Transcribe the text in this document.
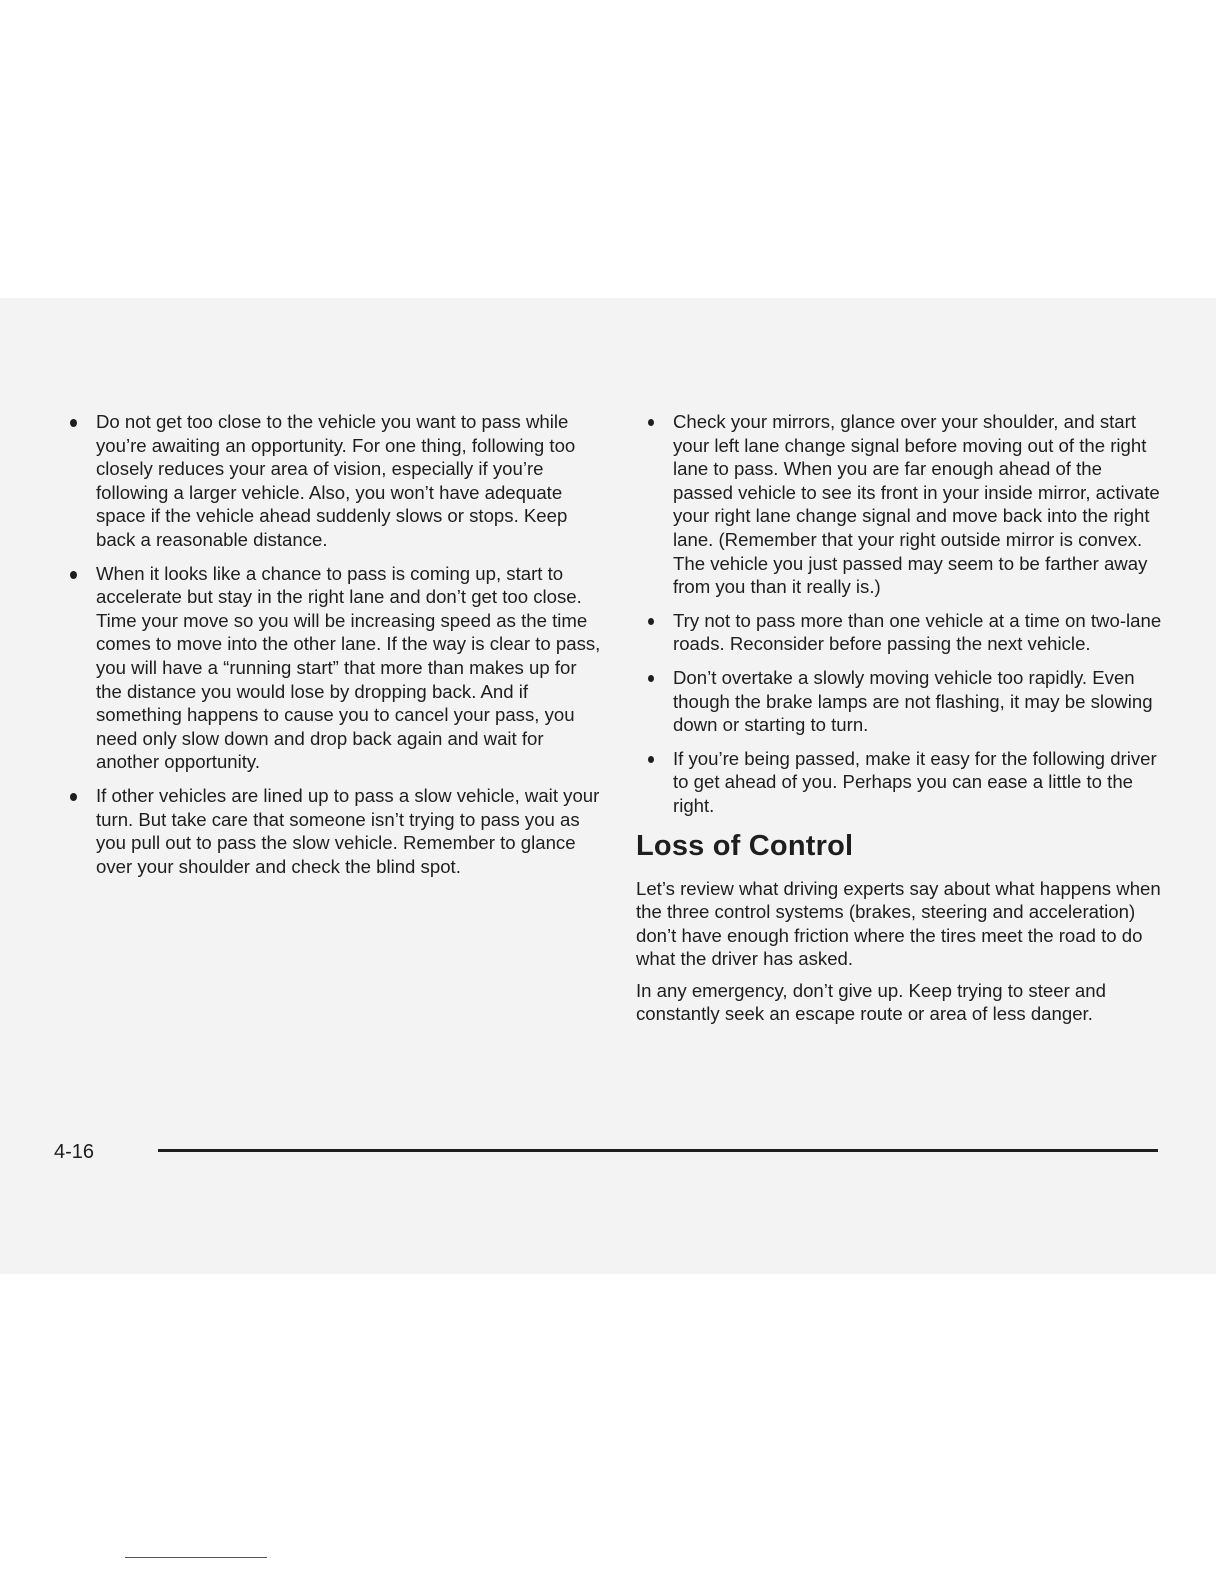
Do not get too close to the vehicle you want to pass while you’re awaiting an opportunity. For one thing, following too closely reduces your area of vision, especially if you’re following a larger vehicle. Also, you won’t have adequate space if the vehicle ahead suddenly slows or stops. Keep back a reasonable distance.
When it looks like a chance to pass is coming up, start to accelerate but stay in the right lane and don’t get too close. Time your move so you will be increasing speed as the time comes to move into the other lane. If the way is clear to pass, you will have a “running start” that more than makes up for the distance you would lose by dropping back. And if something happens to cause you to cancel your pass, you need only slow down and drop back again and wait for another opportunity.
If other vehicles are lined up to pass a slow vehicle, wait your turn. But take care that someone isn’t trying to pass you as you pull out to pass the slow vehicle. Remember to glance over your shoulder and check the blind spot.
Check your mirrors, glance over your shoulder, and start your left lane change signal before moving out of the right lane to pass. When you are far enough ahead of the passed vehicle to see its front in your inside mirror, activate your right lane change signal and move back into the right lane. (Remember that your right outside mirror is convex. The vehicle you just passed may seem to be farther away from you than it really is.)
Try not to pass more than one vehicle at a time on two-lane roads. Reconsider before passing the next vehicle.
Don’t overtake a slowly moving vehicle too rapidly. Even though the brake lamps are not flashing, it may be slowing down or starting to turn.
If you’re being passed, make it easy for the following driver to get ahead of you. Perhaps you can ease a little to the right.
Loss of Control

Let’s review what driving experts say about what happens when the three control systems (brakes, steering and acceleration) don’t have enough friction where the tires meet the road to do what the driver has asked.

In any emergency, don’t give up. Keep trying to steer and constantly seek an escape route or area of less danger.

4-16
